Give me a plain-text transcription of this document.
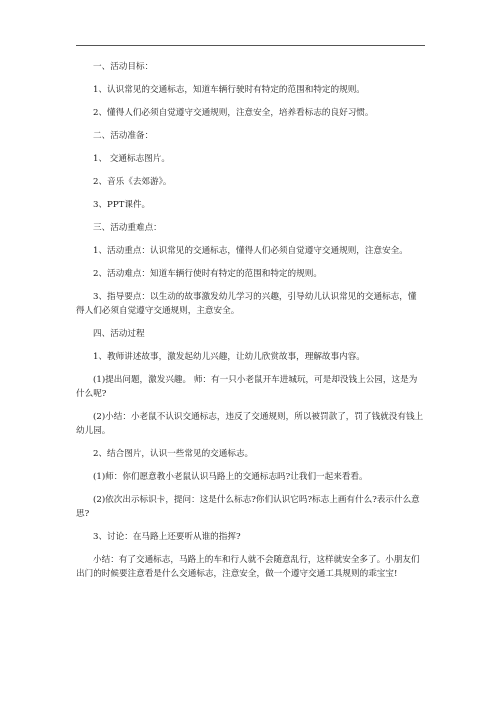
一、活动目标：

1、认识常见的交通标志，知道车辆行驶时有特定的范围和特定的规则。

2、懂得人们必须自觉遵守交通规则，注意安全，培养看标志的良好习惯。

二、活动准备：

1、 交通标志图片。

2、音乐《去郊游》。

3、PPT课件。

三、活动重难点：

1、活动重点：认识常见的交通标志，懂得人们必须自觉遵守交通规则，注意安全。

2、活动难点：知道车辆行使时有特定的范围和特定的规则。

3、指导要点：以生动的故事激发幼儿学习的兴趣，引导幼儿认识常见的交通标志，懂得人们必须自觉遵守交通规则，主意安全。

四、活动过程

1、教师讲述故事，激发起幼儿兴趣，让幼儿欣赏故事，理解故事内容。

(1)提出问题，激发兴趣。 师：有一只小老鼠开车进城玩，可是却没钱上公园，这是为什么呢?

(2)小结：小老鼠不认识交通标志，违反了交通规则，所以被罚款了，罚了钱就没有钱上幼儿园。

2、结合图片，认识一些常见的交通标志。

(1)师：你们愿意教小老鼠认识马路上的交通标志吗?让我们一起来看看。

(2)依次出示标识卡，提问：这是什么标志?你们认识它吗?标志上画有什么?表示什么意思?

3、讨论：在马路上还要听从谁的指挥?

小结：有了交通标志，马路上的车和行人就不会随意乱行，这样就安全多了。小朋友们出门的时候要注意看是什么交通标志，注意安全，做一个遵守交通工具规则的乖宝宝!
